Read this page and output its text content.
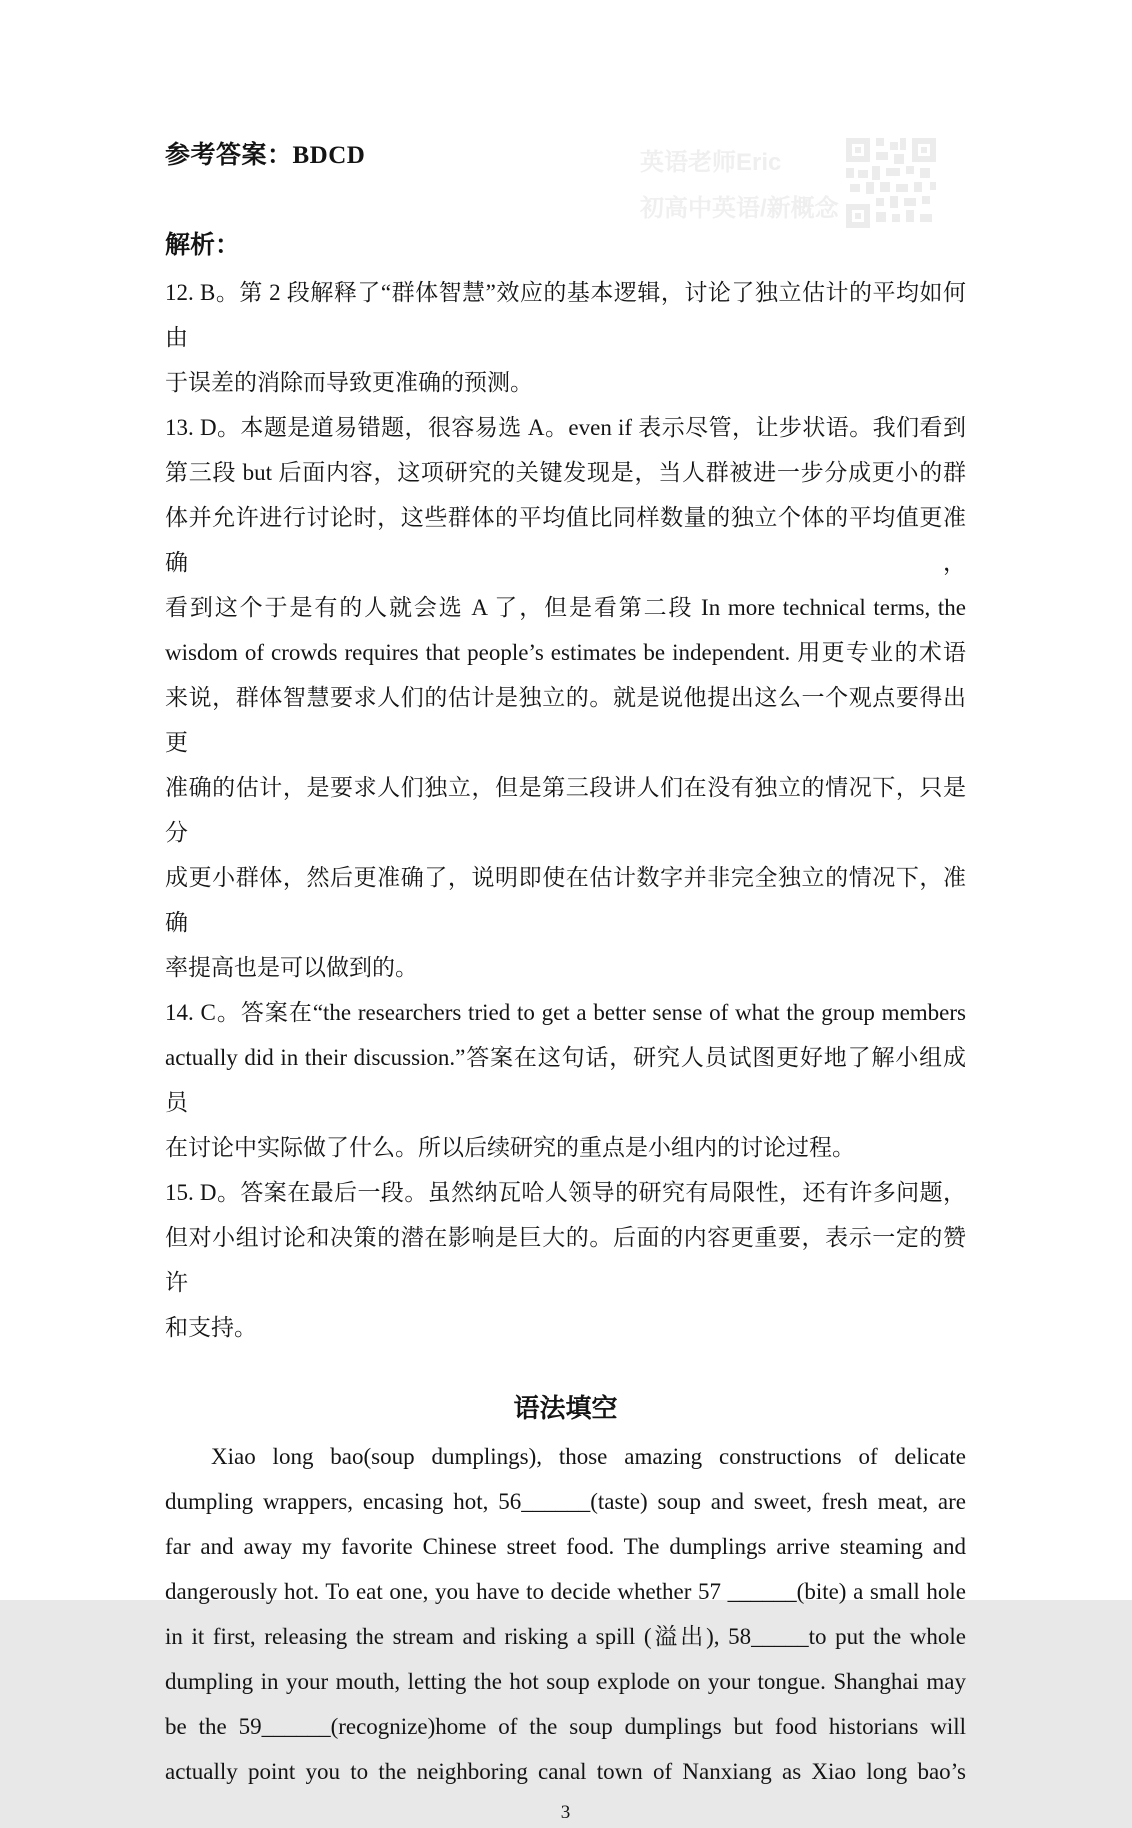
英语老师Eric
初高中英语/新概念
参考答案：BDCD
解析：
12. B。第 2 段解释了“群体智慧”效应的基本逻辑，讨论了独立估计的平均如何由
于误差的消除而导致更准确的预测。
13. D。本题是道易错题，很容易选 A。even if 表示尽管，让步状语。我们看到
第三段 but 后面内容，这项研究的关键发现是，当人群被进一步分成更小的群
体并允许进行讨论时，这些群体的平均值比同样数量的独立个体的平均值更准确，
看到这个于是有的人就会选 A 了，但是看第二段 In more technical terms, the
wisdom of crowds requires that people’s estimates be independent. 用更专业的术语
来说，群体智慧要求人们的估计是独立的。就是说他提出这么一个观点要得出更
准确的估计，是要求人们独立，但是第三段讲人们在没有独立的情况下，只是分
成更小群体，然后更准确了，说明即使在估计数字并非完全独立的情况下，准确
率提高也是可以做到的。
14. C。答案在“the researchers tried to get a better sense of what the group members
actually did in their discussion.”答案在这句话，研究人员试图更好地了解小组成员
在讨论中实际做了什么。所以后续研究的重点是小组内的讨论过程。
15. D。答案在最后一段。虽然纳瓦哈人领导的研究有局限性，还有许多问题，
但对小组讨论和决策的潜在影响是巨大的。后面的内容更重要，表示一定的赞许
和支持。
语法填空
Xiao long bao(soup dumplings), those amazing constructions of delicate
dumpling wrappers, encasing hot, 56______(taste) soup and sweet, fresh meat, are
far and away my favorite Chinese street food. The dumplings arrive steaming and
dangerously hot. To eat one, you have to decide whether 57 ______(bite) a small hole
in it first, releasing the stream and risking a spill (溢出), 58_____to put the whole
dumpling in your mouth, letting the hot soup explode on your tongue. Shanghai may
be the 59______(recognize)home of the soup dumplings but food historians will
actually point you to the neighboring canal town of Nanxiang as Xiao long bao’s
3
